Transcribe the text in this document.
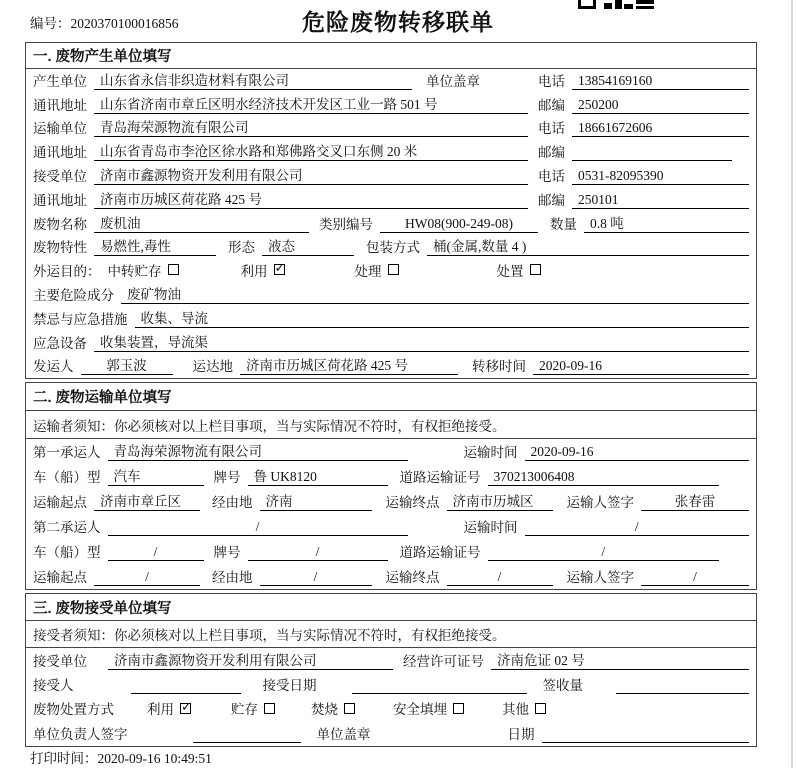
编号：2020370100016856	危险废物转移联单
一. 废物产生单位填写
产生单位 山东省永信非织造材料有限公司	单位盖章	电话 13854169160
通讯地址 山东省济南市章丘区明水经济技术开发区工业一路 501 号	邮编 250200
运输单位 青岛海荣源物流有限公司	电话 18661672606
通讯地址 山东省青岛市李沧区徐水路和郑佛路交叉口东侧 20 米	邮编
接受单位 济南市鑫源物资开发利用有限公司	电话 0531-82095390
通讯地址 济南市历城区荷花路 425 号	邮编 250101
废物名称 废机油	类别编号	HW08(900-249-08)	数量 0.8 吨
废物特性 易燃性,毒性	形态 液态	包装方式 桶(金属,数量 4 )
外运目的： 中转贮存	利用 ✓	处理	处置
主要危险成分 废矿物油
禁忌与应急措施 收集、导流
应急设备 收集装置，导流渠
发运人	郭玉波	运达地 济南市历城区荷花路 425 号	转移时间 2020-09-16
二. 废物运输单位填写
运输者须知：你必须核对以上栏目事项，当与实际情况不符时，有权拒绝接受。
第一承运人 青岛海荣源物流有限公司	运输时间 2020-09-16
车（船）型 汽车	牌号 鲁 UK8120	道路运输证号 370213006408
运输起点 济南市章丘区	经由地 济南	运输终点 济南市历城区	运输人签字	张春雷
第二承运人	/	运输时间	/
车（船）型	/	牌号	/	道路运输证号	/
运输起点	/	经由地	/	运输终点	/	运输人签字	/
三. 废物接受单位填写
接受者须知：你必须核对以上栏目事项，当与实际情况不符时，有权拒绝接受。
接受单位	济南市鑫源物资开发利用有限公司	经营许可证号 济南危证 02 号
接受人	接受日期	签收量
废物处置方式 利用 ✓	贮存	焚烧	安全填埋	其他
单位负责人签字	单位盖章	日期
打印时间：2020-09-16 10:49:51
